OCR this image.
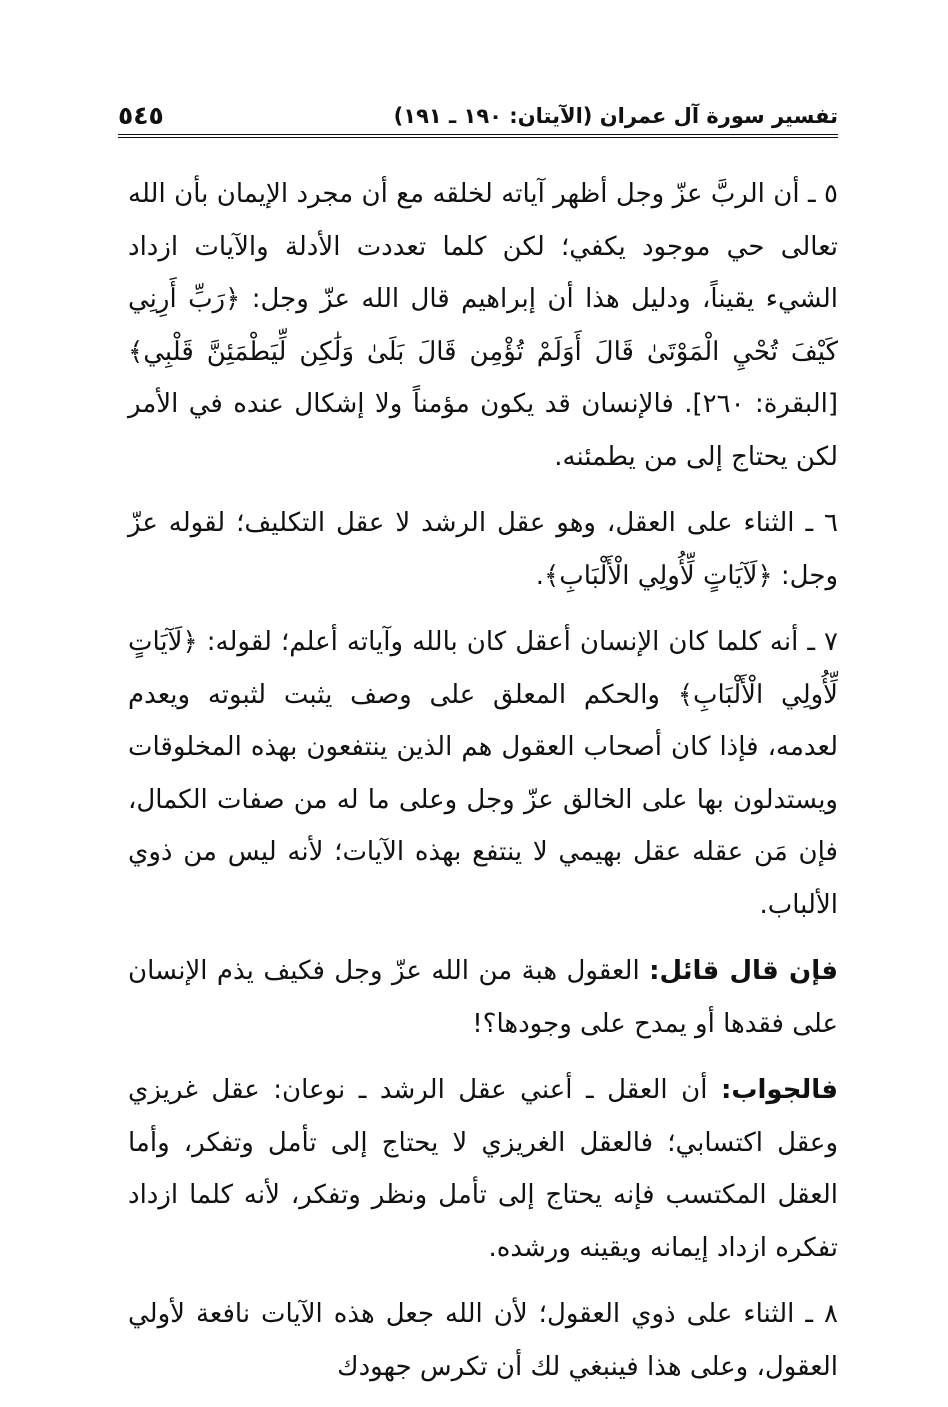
تفسير سورة آل عمران (الآيتان: ١٩٠ ـ ١٩١)
٥٤٥

٥ ـ أن الربَّ عزّ وجل أظهر آياته لخلقه مع أن مجرد الإيمان بأن الله تعالى حي موجود يكفي؛ لكن كلما تعددت الأدلة والآيات ازداد الشيء يقيناً، ودليل هذا أن إبراهيم قال الله عزّ وجل: ﴿رَبِّ أَرِنِي كَيْفَ تُحْيِ الْمَوْتَىٰ قَالَ أَوَلَمْ تُؤْمِن قَالَ بَلَىٰ وَلَٰكِن لِّيَطْمَئِنَّ قَلْبِي﴾ [البقرة: ٢٦٠]. فالإنسان قد يكون مؤمناً ولا إشكال عنده في الأمر لكن يحتاج إلى من يطمئنه.

٦ ـ الثناء على العقل، وهو عقل الرشد لا عقل التكليف؛ لقوله عزّ وجل: ﴿لَآيَاتٍ لِّأُولِي الْأَلْبَابِ﴾.

٧ ـ أنه كلما كان الإنسان أعقل كان بالله وآياته أعلم؛ لقوله: ﴿لَآيَاتٍ لِّأُولِي الْأَلْبَابِ﴾ والحكم المعلق على وصف يثبت لثبوته ويعدم لعدمه، فإذا كان أصحاب العقول هم الذين ينتفعون بهذه المخلوقات ويستدلون بها على الخالق عزّ وجل وعلى ما له من صفات الكمال، فإن مَن عقله عقل بهيمي لا ينتفع بهذه الآيات؛ لأنه ليس من ذوي الألباب.

فإن قال قائل: العقول هبة من الله عزّ وجل فكيف يذم الإنسان على فقدها أو يمدح على وجودها؟!

فالجواب: أن العقل ـ أعني عقل الرشد ـ نوعان: عقل غريزي وعقل اكتسابي؛ فالعقل الغريزي لا يحتاج إلى تأمل وتفكر، وأما العقل المكتسب فإنه يحتاج إلى تأمل ونظر وتفكر، لأنه كلما ازداد تفكره ازداد إيمانه ويقينه ورشده.

٨ ـ الثناء على ذوي العقول؛ لأن الله جعل هذه الآيات نافعة لأولي العقول، وعلى هذا فينبغي لك أن تكرس جهودك
